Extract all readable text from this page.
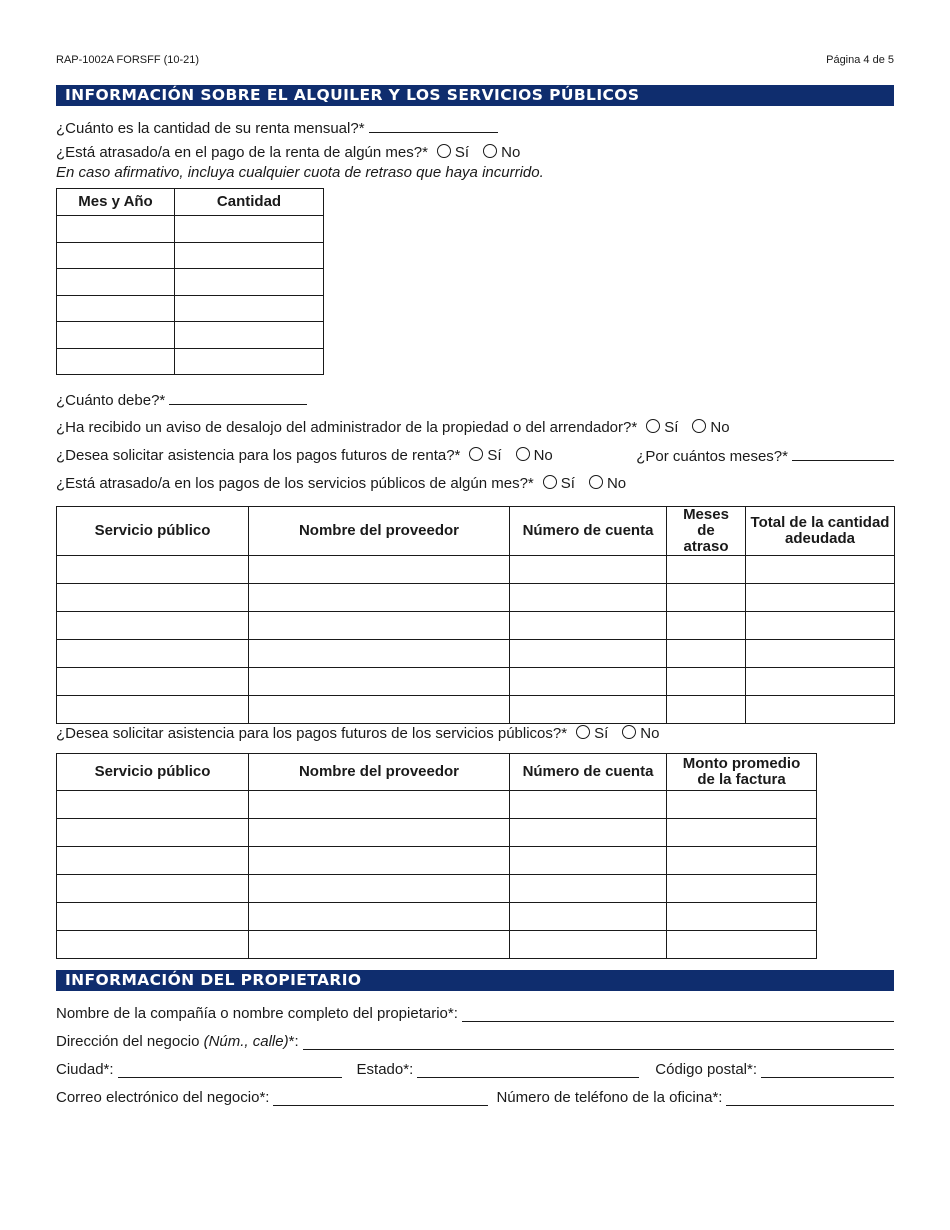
RAP-1002A FORSFF (10-21)	Página 4 de 5
INFORMACIÓN SOBRE EL ALQUILER Y LOS SERVICIOS PÚBLICOS
¿Cuánto es la cantidad de su renta mensual?*
¿Está atrasado/a en el pago de la renta de algún mes?* Sí No
En caso afirmativo, incluya cualquier cuota de retraso que haya incurrido.
Mes y Año	Cantidad

¿Cuánto debe?*
¿Ha recibido un aviso de desalojo del administrador de la propiedad o del arrendador?* Sí No
¿Desea solicitar asistencia para los pagos futuros de renta?* Sí No	¿Por cuántos meses?*
¿Está atrasado/a en los pagos de los servicios públicos de algún mes?* Sí No
Servicio público	Nombre del proveedor	Número de cuenta	Meses de atraso	Total de la cantidad adeudada

¿Desea solicitar asistencia para los pagos futuros de los servicios públicos?* Sí No
Servicio público	Nombre del proveedor	Número de cuenta	Monto promedio de la factura

INFORMACIÓN DEL PROPIETARIO
Nombre de la compañía o nombre completo del propietario*:
Dirección del negocio (Núm., calle)*:
Ciudad*:	Estado*:	Código postal*:
Correo electrónico del negocio*:	Número de teléfono de la oficina*:
